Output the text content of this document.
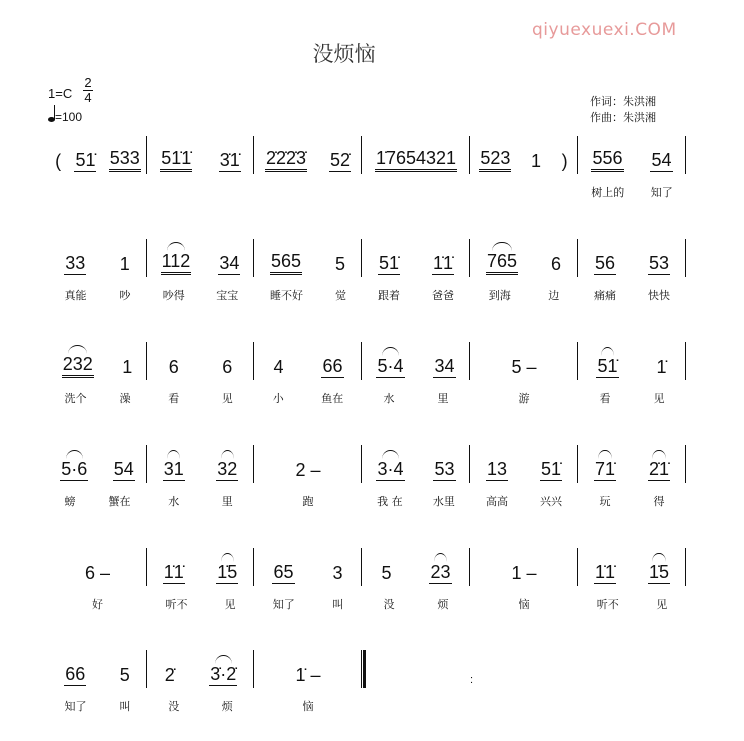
没烦恼
qiyuexuexi.COM
1=C
2
4
=100
作词：朱洪湘
作曲：朱洪湘
( 51̇ 533 51̇1̇ 3̇1̇ 2̇2̇2̇3̇ 52̇ 1̇7654321 523 1 ) 556 54
树上的 知了
33 1
真能	吵
112 34
吵得	宝宝
565 5
睡不好	觉
51̇ 1̇1̇
跟着	爸爸
765 6
到海	边
56 53
痛痛	快快
232 1
洗个	澡
6 6
看	见
4 66
小	鱼在
5·4 34
水	里
5 –
游
51̇ 1̇
看	见
5·6 54
螃	蟹在
31 32
水	里
2 –
跑
3·4 53
我 在	水里
13 51̇
高高	兴兴
71̇ 2̇1̇
玩	得
6 –
好
1̇1̇ 1̇5
听不	见
65 3
知了	叫
5 23
没	烦
1 –
恼
1̇1̇ 1̇5
听不	见
66 5
知了	叫
2̇ 3̇·2̇
没	烦
1̇ –
恼
:
